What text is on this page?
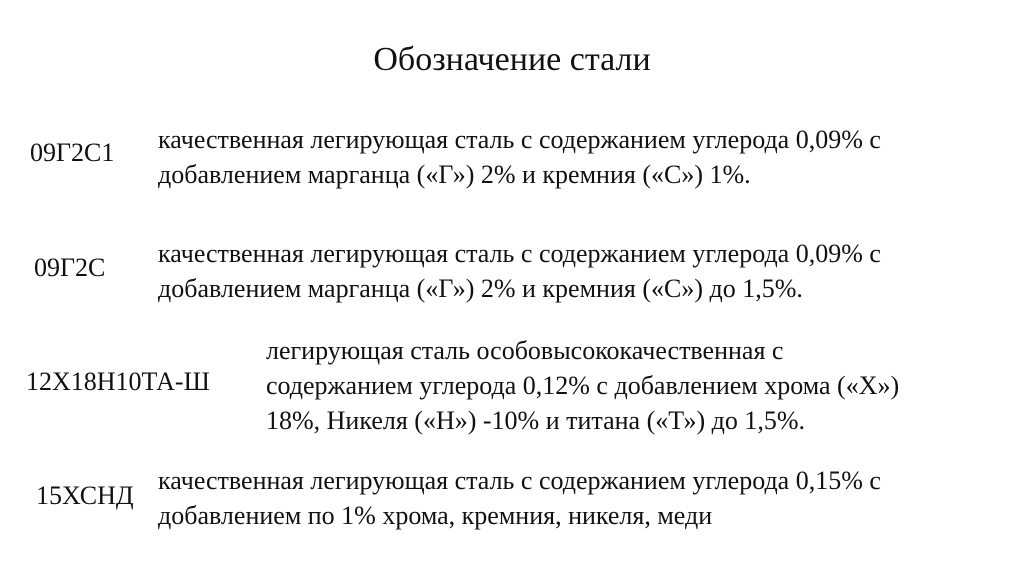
Обозначение стали
09Г2С1 качественная легирующая сталь с содержанием углерода 0,09% с
добавлением марганца («Г») 2% и кремния («С») 1%.
09Г2С качественная легирующая сталь с содержанием углерода 0,09% с
добавлением марганца («Г») 2% и кремния («С») до 1,5%.
12Х18Н10ТА-Ш
легирующая сталь особовысококачественная с
содержанием углерода 0,12% с добавлением хрома («Х»)
18%, Никеля («Н») -10% и титана («Т») до 1,5%.
15ХСНД
качественная легирующая сталь с содержанием углерода 0,15% с
добавлением по 1% хрома, кремния, никеля, меди
